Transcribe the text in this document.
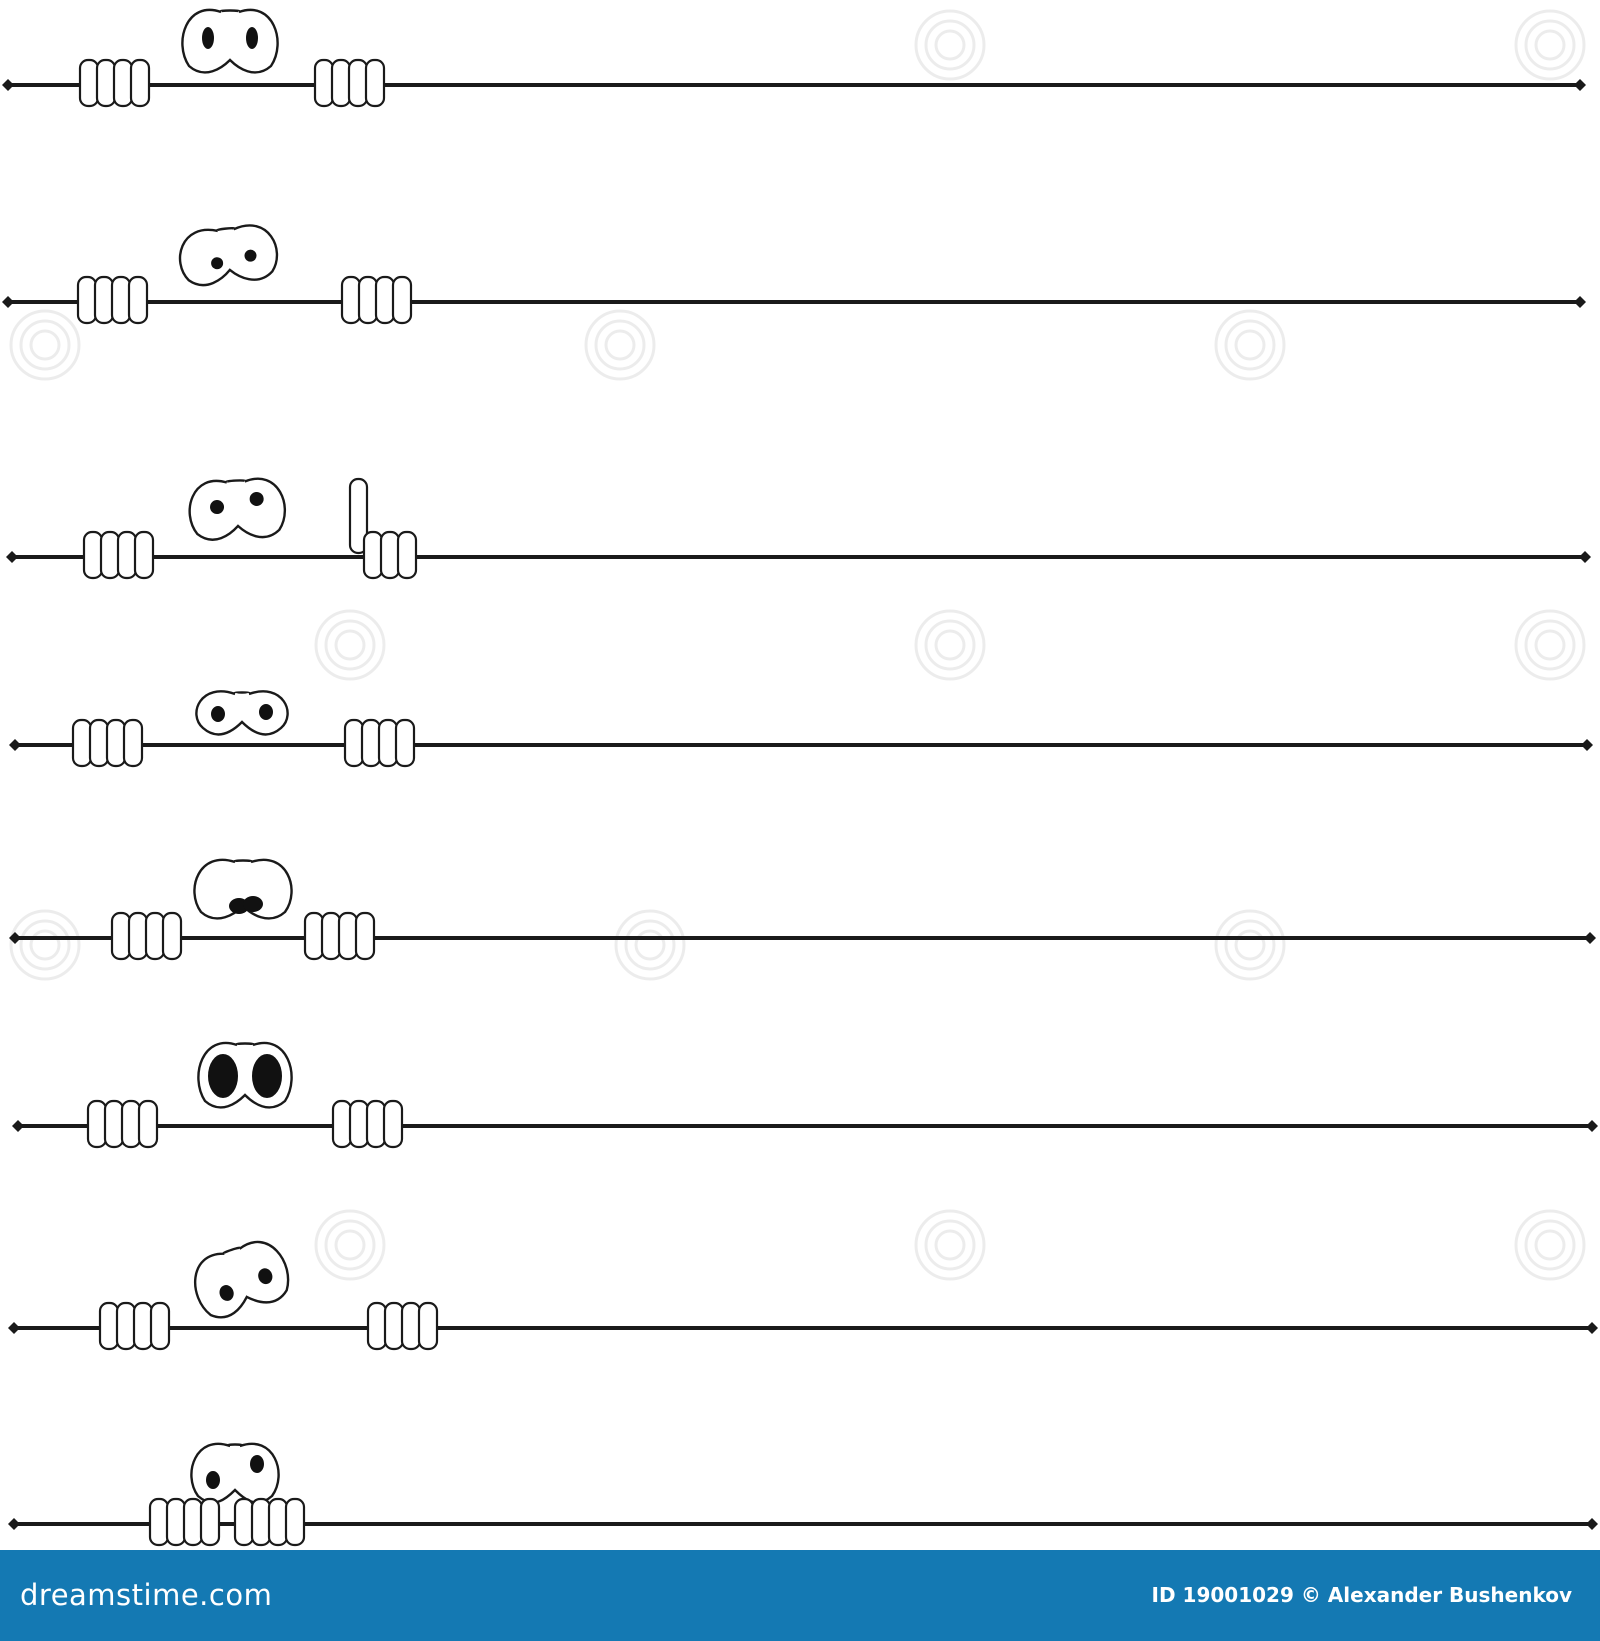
dreamstime.com	ID 19001029 © Alexander Bushenkov
